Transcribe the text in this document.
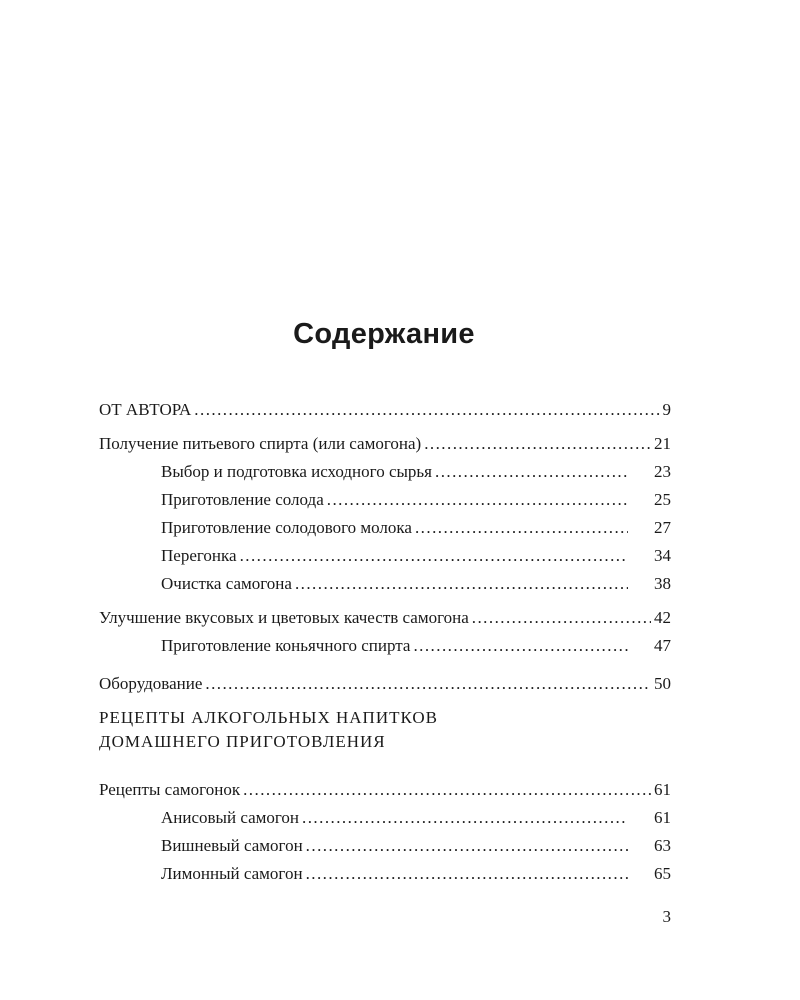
Содержание
ОТ АВТОРА . . .	9
Получение питьевого спирта (или самогона) . . .	21
Выбор и подготовка исходного сырья . . .	23
Приготовление солода . . .	25
Приготовление солодового молока . . .	27
Перегонка . . .	34
Очистка самогона . . .	38
Улучшение вкусовых и цветовых качеств самогона . . .	42
Приготовление коньячного спирта . . .	47
Оборудование . . .	50
РЕЦЕПТЫ АЛКОГОЛЬНЫХ НАПИТКОВ
ДОМАШНЕГО ПРИГОТОВЛЕНИЯ
Рецепты самогонок . . .	61
Анисовый самогон . . .	61
Вишневый самогон . . .	63
Лимонный самогон . . .	65
3
